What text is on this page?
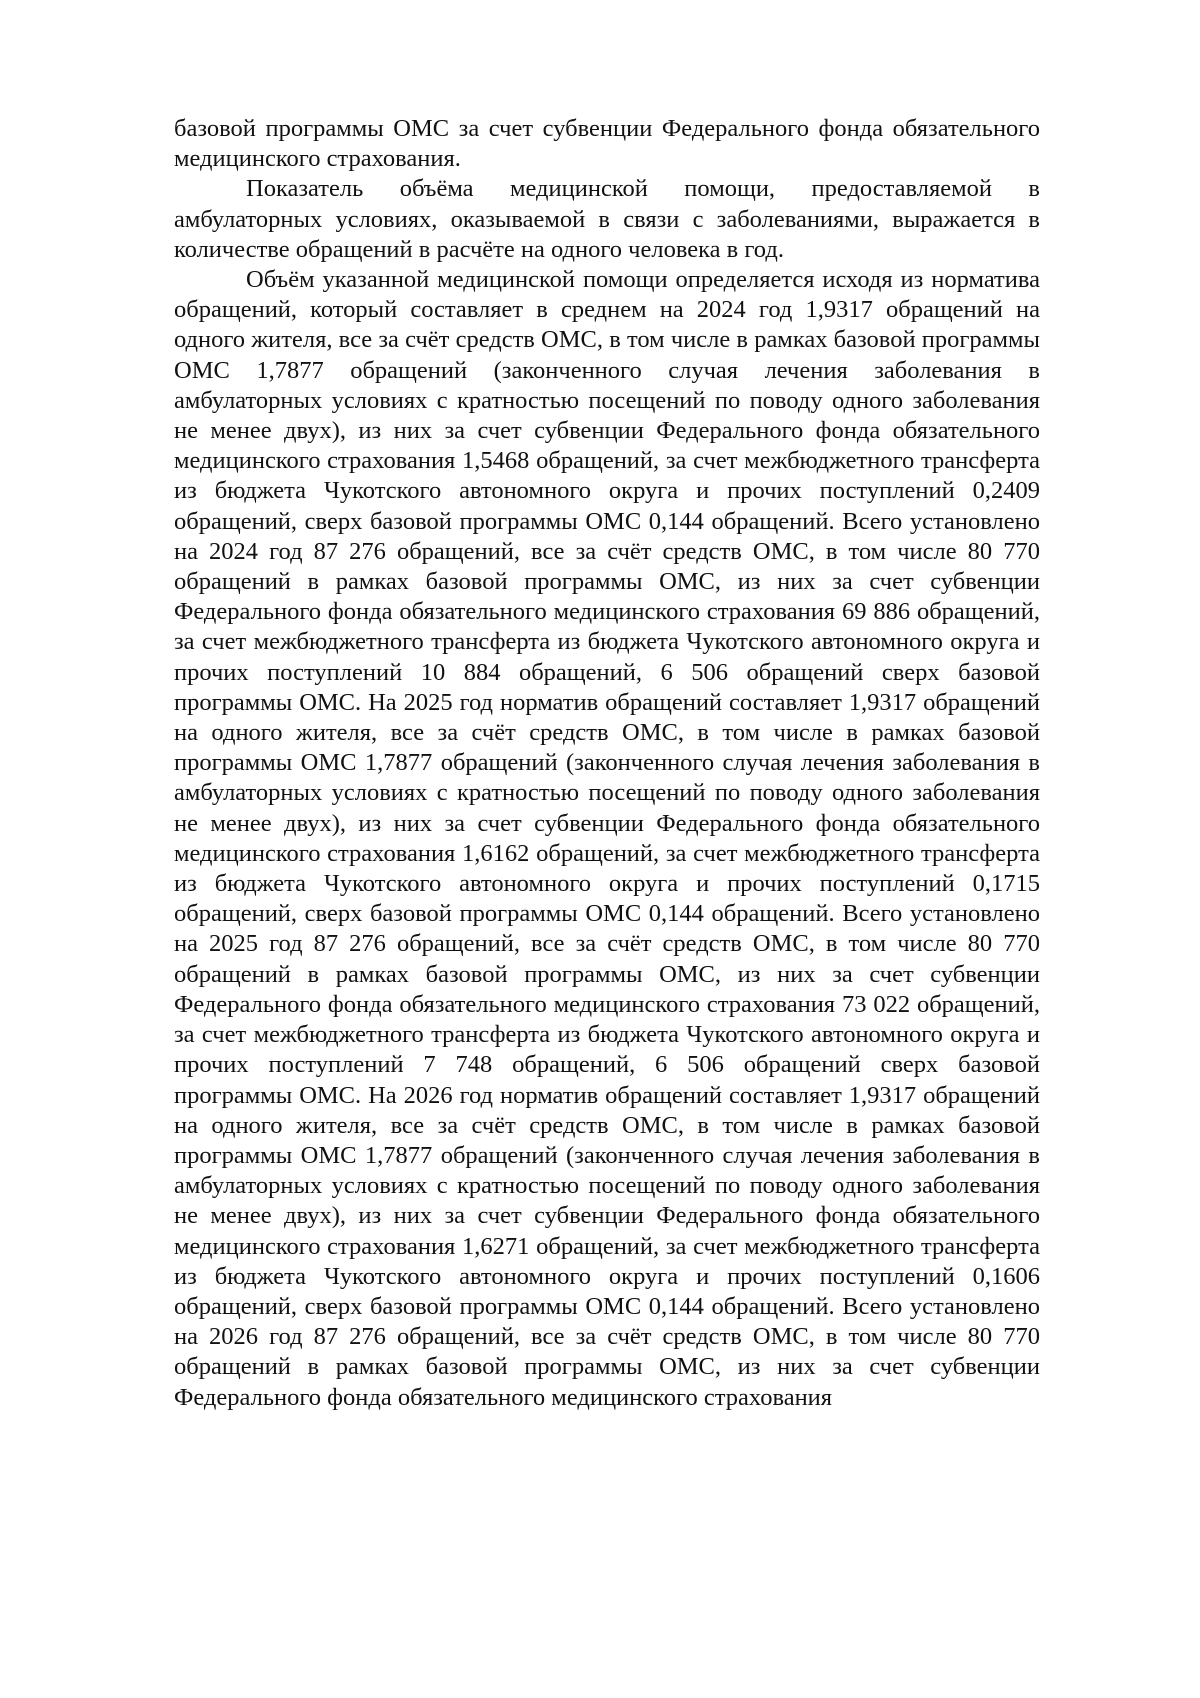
базовой программы ОМС за счет субвенции Федерального фонда обязательного медицинского страхования.

Показатель объёма медицинской помощи, предоставляемой в амбулаторных условиях, оказываемой в связи с заболеваниями, выражается в количестве обращений в расчёте на одного человека в год.

Объём указанной медицинской помощи определяется исходя из норматива обращений, который составляет в среднем на 2024 год 1,9317 обращений на одного жителя, все за счёт средств ОМС, в том числе в рамках базовой программы ОМС 1,7877 обращений (законченного случая лечения заболевания в амбулаторных условиях с кратностью посещений по поводу одного заболевания не менее двух), из них за счет субвенции Федерального фонда обязательного медицинского страхования 1,5468 обращений, за счет межбюджетного трансферта из бюджета Чукотского автономного округа и прочих поступлений 0,2409 обращений, сверх базовой программы ОМС 0,144 обращений. Всего установлено на 2024 год 87 276 обращений, все за счёт средств ОМС, в том числе 80 770 обращений в рамках базовой программы ОМС, из них за счет субвенции Федерального фонда обязательного медицинского страхования 69 886 обращений, за счет межбюджетного трансферта из бюджета Чукотского автономного округа и прочих поступлений 10 884 обращений, 6 506 обращений сверх базовой программы ОМС. На 2025 год норматив обращений составляет 1,9317 обращений на одного жителя, все за счёт средств ОМС, в том числе в рамках базовой программы ОМС 1,7877 обращений (законченного случая лечения заболевания в амбулаторных условиях с кратностью посещений по поводу одного заболевания не менее двух), из них за счет субвенции Федерального фонда обязательного медицинского страхования 1,6162 обращений, за счет межбюджетного трансферта из бюджета Чукотского автономного округа и прочих поступлений 0,1715 обращений, сверх базовой программы ОМС 0,144 обращений. Всего установлено на 2025 год 87 276 обращений, все за счёт средств ОМС, в том числе 80 770 обращений в рамках базовой программы ОМС, из них за счет субвенции Федерального фонда обязательного медицинского страхования 73 022 обращений, за счет межбюджетного трансферта из бюджета Чукотского автономного округа и прочих поступлений 7 748 обращений, 6 506 обращений сверх базовой программы ОМС. На 2026 год норматив обращений составляет 1,9317 обращений на одного жителя, все за счёт средств ОМС, в том числе в рамках базовой программы ОМС 1,7877 обращений (законченного случая лечения заболевания в амбулаторных условиях с кратностью посещений по поводу одного заболевания не менее двух), из них за счет субвенции Федерального фонда обязательного медицинского страхования 1,6271 обращений, за счет межбюджетного трансферта из бюджета Чукотского автономного округа и прочих поступлений 0,1606 обращений, сверх базовой программы ОМС 0,144 обращений. Всего установлено на 2026 год 87 276 обращений, все за счёт средств ОМС, в том числе 80 770 обращений в рамках базовой программы ОМС, из них за счет субвенции Федерального фонда обязательного медицинского страхования
